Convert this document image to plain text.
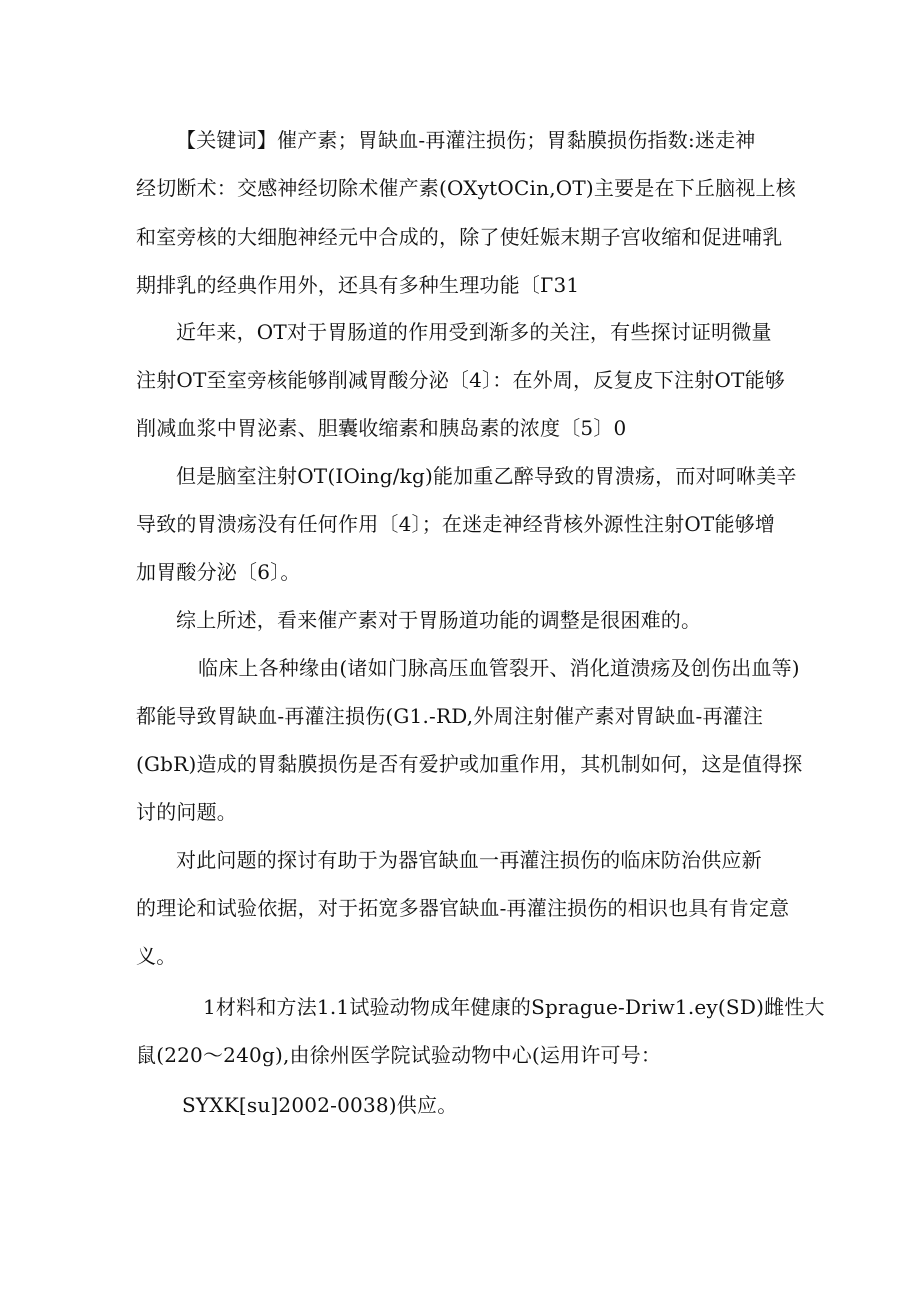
【关键词】催产素；胃缺血-再灌注损伤；胃黏膜损伤指数:迷走神
经切断术：交感神经切除术催产素(OXytOCin,OT)主要是在下丘脑视上核
和室旁核的大细胞神经元中合成的，除了使妊娠末期子宫收缩和促进哺乳
期排乳的经典作用外，还具有多种生理功能〔Г31
近年来，OT对于胃肠道的作用受到渐多的关注，有些探讨证明微量
注射OT至室旁核能够削减胃酸分泌〔4〕：在外周，反复皮下注射OT能够
削减血浆中胃泌素、胆囊收缩素和胰岛素的浓度〔5〕0
但是脑室注射OT(IOing/kg)能加重乙醉导致的胃溃疡，而对呵咻美辛
导致的胃溃疡没有任何作用〔4〕；在迷走神经背核外源性注射OT能够增
加胃酸分泌〔6〕。
综上所述，看来催产素对于胃肠道功能的调整是很困难的。
临床上各种缘由(诸如门脉高压血管裂开、消化道溃疡及创伤出血等)
都能导致胃缺血-再灌注损伤(G1.-RD,外周注射催产素对胃缺血-再灌注
(GbR)造成的胃黏膜损伤是否有爱护或加重作用，其机制如何，这是值得探
讨的问题。
对此问题的探讨有助于为器官缺血一再灌注损伤的临床防治供应新
的理论和试验依据，对于拓宽多器官缺血-再灌注损伤的相识也具有肯定意
义。
1材料和方法1.1试验动物成年健康的Sprague-Driw1.ey(SD)雌性大
鼠(220～240g),由徐州医学院试验动物中心(运用许可号：
SYXK[su]2002-0038)供应。
